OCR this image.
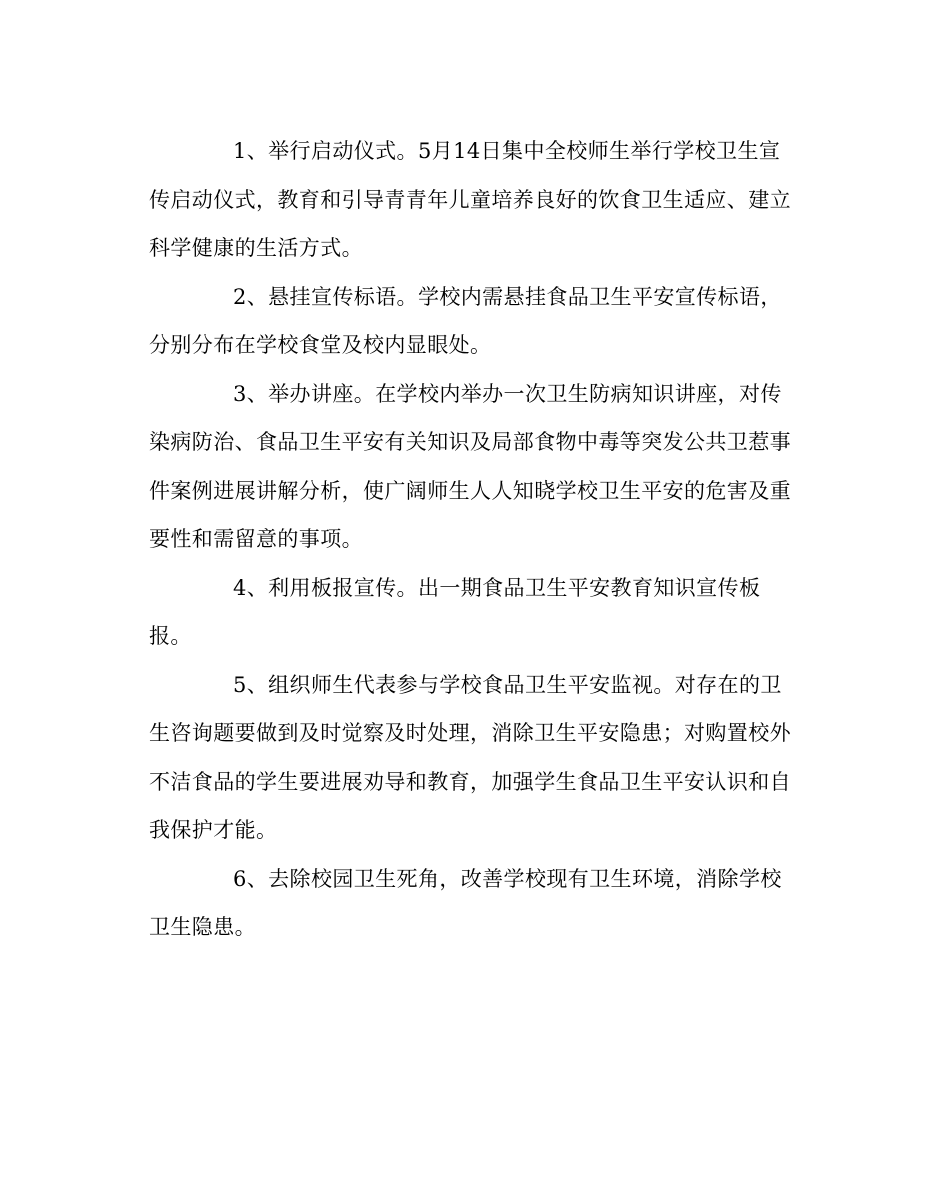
1、举行启动仪式。5月14日集中全校师生举行学校卫生宣
传启动仪式，教育和引导青青年儿童培养良好的饮食卫生适应、建立
科学健康的生活方式。

2、悬挂宣传标语。学校内需悬挂食品卫生平安宣传标语，
分别分布在学校食堂及校内显眼处。

3、举办讲座。在学校内举办一次卫生防病知识讲座，对传
染病防治、食品卫生平安有关知识及局部食物中毒等突发公共卫惹事
件案例进展讲解分析，使广阔师生人人知晓学校卫生平安的危害及重
要性和需留意的事项。

4、利用板报宣传。出一期食品卫生平安教育知识宣传板
报。

5、组织师生代表参与学校食品卫生平安监视。对存在的卫
生咨询题要做到及时觉察及时处理，消除卫生平安隐患；对购置校外
不洁食品的学生要进展劝导和教育，加强学生食品卫生平安认识和自
我保护才能。

6、去除校园卫生死角，改善学校现有卫生环境，消除学校
卫生隐患。
